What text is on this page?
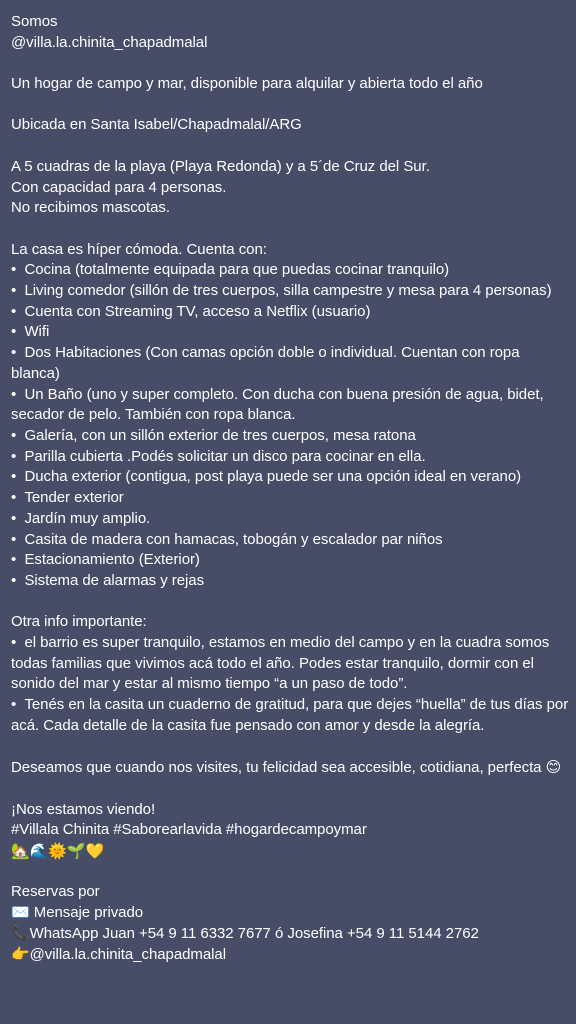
Somos
@villa.la.chinita_chapadmalal
Un hogar de campo y mar, disponible para alquilar y abierta todo el año
Ubicada en Santa Isabel/Chapadmalal/ARG
A 5 cuadras de la playa (Playa Redonda) y a 5´de Cruz del Sur.
Con capacidad para 4 personas.
No recibimos mascotas.
La casa es híper cómoda. Cuenta con:
•  Cocina (totalmente equipada para que puedas cocinar tranquilo)
•  Living comedor (sillón de tres cuerpos, silla campestre y mesa para 4 personas)
•  Cuenta con Streaming TV, acceso a Netflix (usuario)
•  Wifi
•  Dos Habitaciones (Con camas opción doble o individual. Cuentan con ropa blanca)
•  Un Baño (uno y super completo. Con ducha con buena presión de agua, bidet, secador de pelo. También con ropa blanca.
•  Galería, con un sillón exterior de tres cuerpos, mesa ratona
•  Parilla cubierta .Podés solicitar un disco para cocinar en ella.
•  Ducha exterior (contigua, post playa puede ser una opción ideal en verano)
•  Tender exterior
•  Jardín muy amplio.
•  Casita de madera con hamacas, tobogán y escalador par niños
•  Estacionamiento (Exterior)
•  Sistema de alarmas y rejas
Otra info importante:
•  el barrio es super tranquilo, estamos en medio del campo y en la cuadra somos todas familias que vivimos acá todo el año. Podes estar tranquilo, dormir con el sonido del mar y estar al mismo tiempo “a un paso de todo”.
•  Tenés en la casita un cuaderno de gratitud, para que dejes “huella” de tus días por acá. Cada detalle de la casita fue pensado con amor y desde la alegría.
Deseamos que cuando nos visites, tu felicidad sea accesible, cotidiana, perfecta 😊
¡Nos estamos viendo!
#Villala Chinita #Saborearlavida #hogardecampoymar
🏡🌊🌞🌱💛
Reservas por
✉️ Mensaje privado
📞WhatsApp Juan +54 9 11 6332 7677 ó Josefina +54 9 11 5144 2762
👉@villa.la.chinita_chapadmalal
